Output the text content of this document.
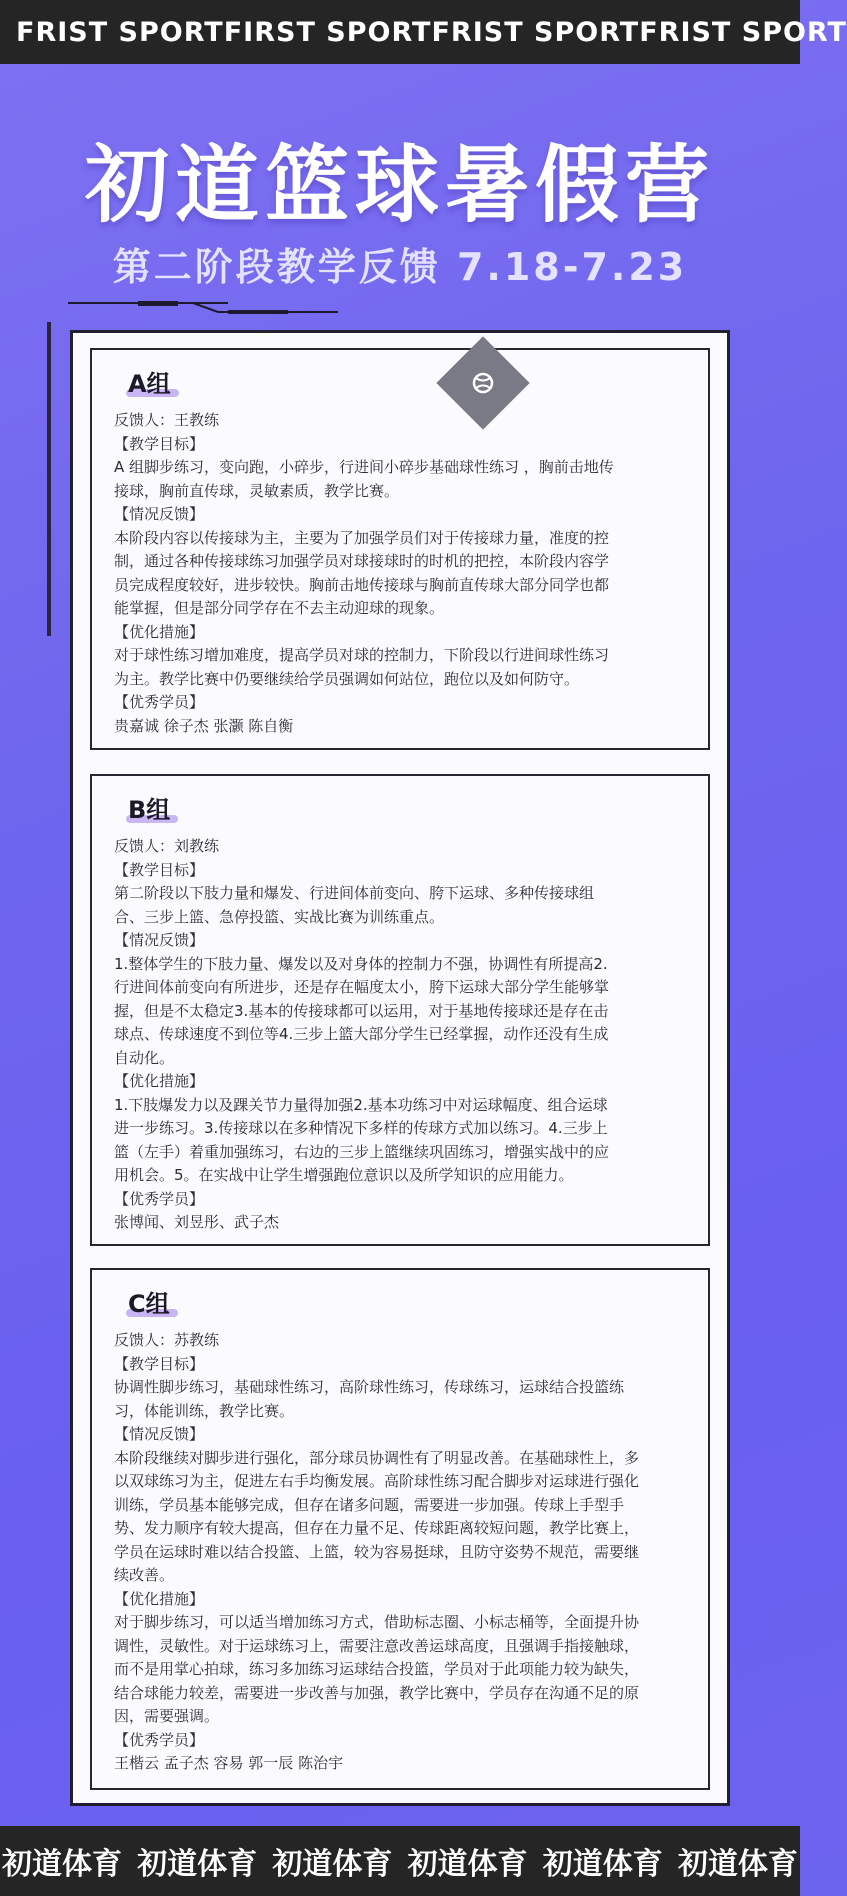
FRIST SPORT FIRST SPORT FRIST SPORT FRIST SPORT
初道篮球暑假营
第二阶段教学反馈 7.18-7.23
A组

反馈人：王教练

【教学目标】

A 组脚步练习，变向跑，小碎步，行进间小碎步基础球性练习 ，胸前击地传

接球，胸前直传球，灵敏素质，教学比赛。

【情况反馈】

本阶段内容以传接球为主，主要为了加强学员们对于传接球力量，准度的控

制，通过各种传接球练习加强学员对球接球时的时机的把控，本阶段内容学

员完成程度较好，进步较快。胸前击地传接球与胸前直传球大部分同学也都

能掌握，但是部分同学存在不去主动迎球的现象。

【优化措施】

对于球性练习增加难度，提高学员对球的控制力，下阶段以行进间球性练习

为主。教学比赛中仍要继续给学员强调如何站位，跑位以及如何防守。

【优秀学员】

贵嘉诚 徐子杰 张灏 陈自衡

B组

反馈人：刘教练

【教学目标】

第二阶段以下肢力量和爆发、行进间体前变向、胯下运球、多种传接球组

合、三步上篮、急停投篮、实战比赛为训练重点。

【情况反馈】

1.整体学生的下肢力量、爆发以及对身体的控制力不强，协调性有所提高2.

行进间体前变向有所进步，还是存在幅度太小，胯下运球大部分学生能够掌

握，但是不太稳定3.基本的传接球都可以运用，对于基地传接球还是存在击

球点、传球速度不到位等4.三步上篮大部分学生已经掌握，动作还没有生成

自动化。

【优化措施】

1.下肢爆发力以及踝关节力量得加强2.基本功练习中对运球幅度、组合运球

进一步练习。3.传接球以在多种情况下多样的传球方式加以练习。4.三步上

篮（左手）着重加强练习，右边的三步上篮继续巩固练习，增强实战中的应

用机会。5。在实战中让学生增强跑位意识以及所学知识的应用能力。

【优秀学员】

张博闻、刘昱彤、武子杰

C组

反馈人：苏教练

【教学目标】

协调性脚步练习，基础球性练习，高阶球性练习，传球练习，运球结合投篮练

习，体能训练，教学比赛。

【情况反馈】

本阶段继续对脚步进行强化，部分球员协调性有了明显改善。在基础球性上，多

以双球练习为主，促进左右手均衡发展。高阶球性练习配合脚步对运球进行强化

训练，学员基本能够完成，但存在诸多问题，需要进一步加强。传球上手型手

势、发力顺序有较大提高，但存在力量不足、传球距离较短问题，教学比赛上，

学员在运球时难以结合投篮、上篮，较为容易挺球，且防守姿势不规范，需要继

续改善。

【优化措施】

对于脚步练习，可以适当增加练习方式，借助标志圈、小标志桶等，全面提升协

调性，灵敏性。对于运球练习上，需要注意改善运球高度，且强调手指接触球，

而不是用掌心拍球，练习多加练习运球结合投篮，学员对于此项能力较为缺失，

结合球能力较差，需要进一步改善与加强，教学比赛中，学员存在沟通不足的原

因，需要强调。

【优秀学员】

王楷云 孟子杰 容易 郭一辰 陈治宇

初道体育 初道体育 初道体育 初道体育 初道体育 初道体育
